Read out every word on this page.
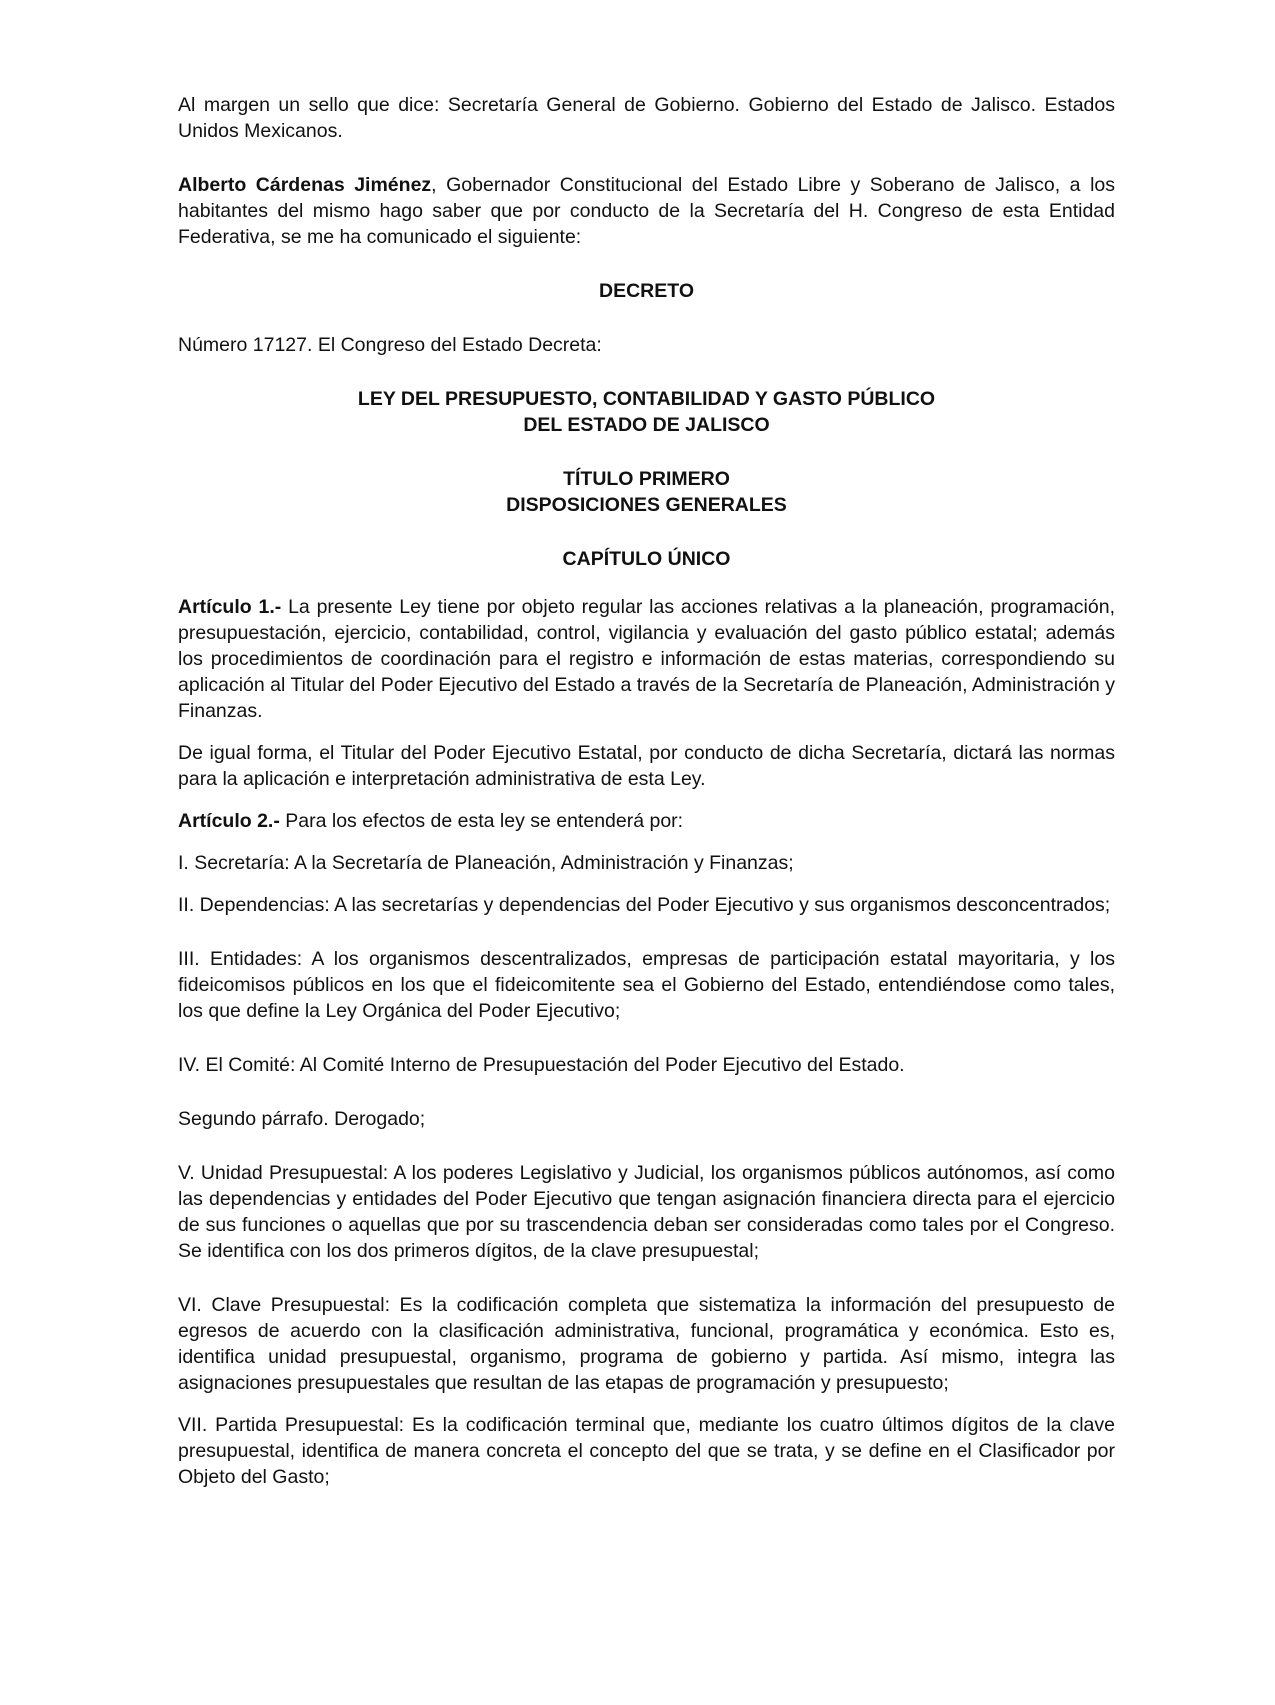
Al margen un sello que dice: Secretaría General de Gobierno. Gobierno del Estado de Jalisco. Estados Unidos Mexicanos.

Alberto Cárdenas Jiménez, Gobernador Constitucional del Estado Libre y Soberano de Jalisco, a los habitantes del mismo hago saber que por conducto de la Secretaría del H. Congreso de esta Entidad Federativa, se me ha comunicado el siguiente:

DECRETO

Número 17127. El Congreso del Estado Decreta:

LEY DEL PRESUPUESTO, CONTABILIDAD Y GASTO PÚBLICO

DEL ESTADO DE JALISCO

TÍTULO PRIMERO

DISPOSICIONES GENERALES

CAPÍTULO ÚNICO

Artículo 1.- La presente Ley tiene por objeto regular las acciones relativas a la planeación, programación, presupuestación, ejercicio, contabilidad, control, vigilancia y evaluación del gasto público estatal; además los procedimientos de coordinación para el registro e información de estas materias, correspondiendo su aplicación al Titular del Poder Ejecutivo del Estado a través de la Secretaría de Planeación, Administración y Finanzas.

De igual forma, el Titular del Poder Ejecutivo Estatal, por conducto de dicha Secretaría, dictará las normas para la aplicación e interpretación administrativa de esta Ley.

Artículo 2.- Para los efectos de esta ley se entenderá por:

I. Secretaría: A la Secretaría de Planeación, Administración y Finanzas;

II. Dependencias: A las secretarías y dependencias del Poder Ejecutivo y sus organismos desconcentrados;

III. Entidades: A los organismos descentralizados, empresas de participación estatal mayoritaria, y los fideicomisos públicos en los que el fideicomitente sea el Gobierno del Estado, entendiéndose como tales, los que define la Ley Orgánica del Poder Ejecutivo;

IV. El Comité: Al Comité Interno de Presupuestación del Poder Ejecutivo del Estado.

Segundo párrafo. Derogado;

V. Unidad Presupuestal: A los poderes Legislativo y Judicial, los organismos públicos autónomos, así como las dependencias y entidades del Poder Ejecutivo que tengan asignación financiera directa para el ejercicio de sus funciones o aquellas que por su trascendencia deban ser consideradas como tales por el Congreso. Se identifica con los dos primeros dígitos, de la clave presupuestal;

VI. Clave Presupuestal: Es la codificación completa que sistematiza la información del presupuesto de egresos de acuerdo con la clasificación administrativa, funcional, programática y económica. Esto es, identifica unidad presupuestal, organismo, programa de gobierno y partida. Así mismo, integra las asignaciones presupuestales que resultan de las etapas de programación y presupuesto;

VII. Partida Presupuestal: Es la codificación terminal que, mediante los cuatro últimos dígitos de la clave presupuestal, identifica de manera concreta el concepto del que se trata, y se define en el Clasificador por Objeto del Gasto;
